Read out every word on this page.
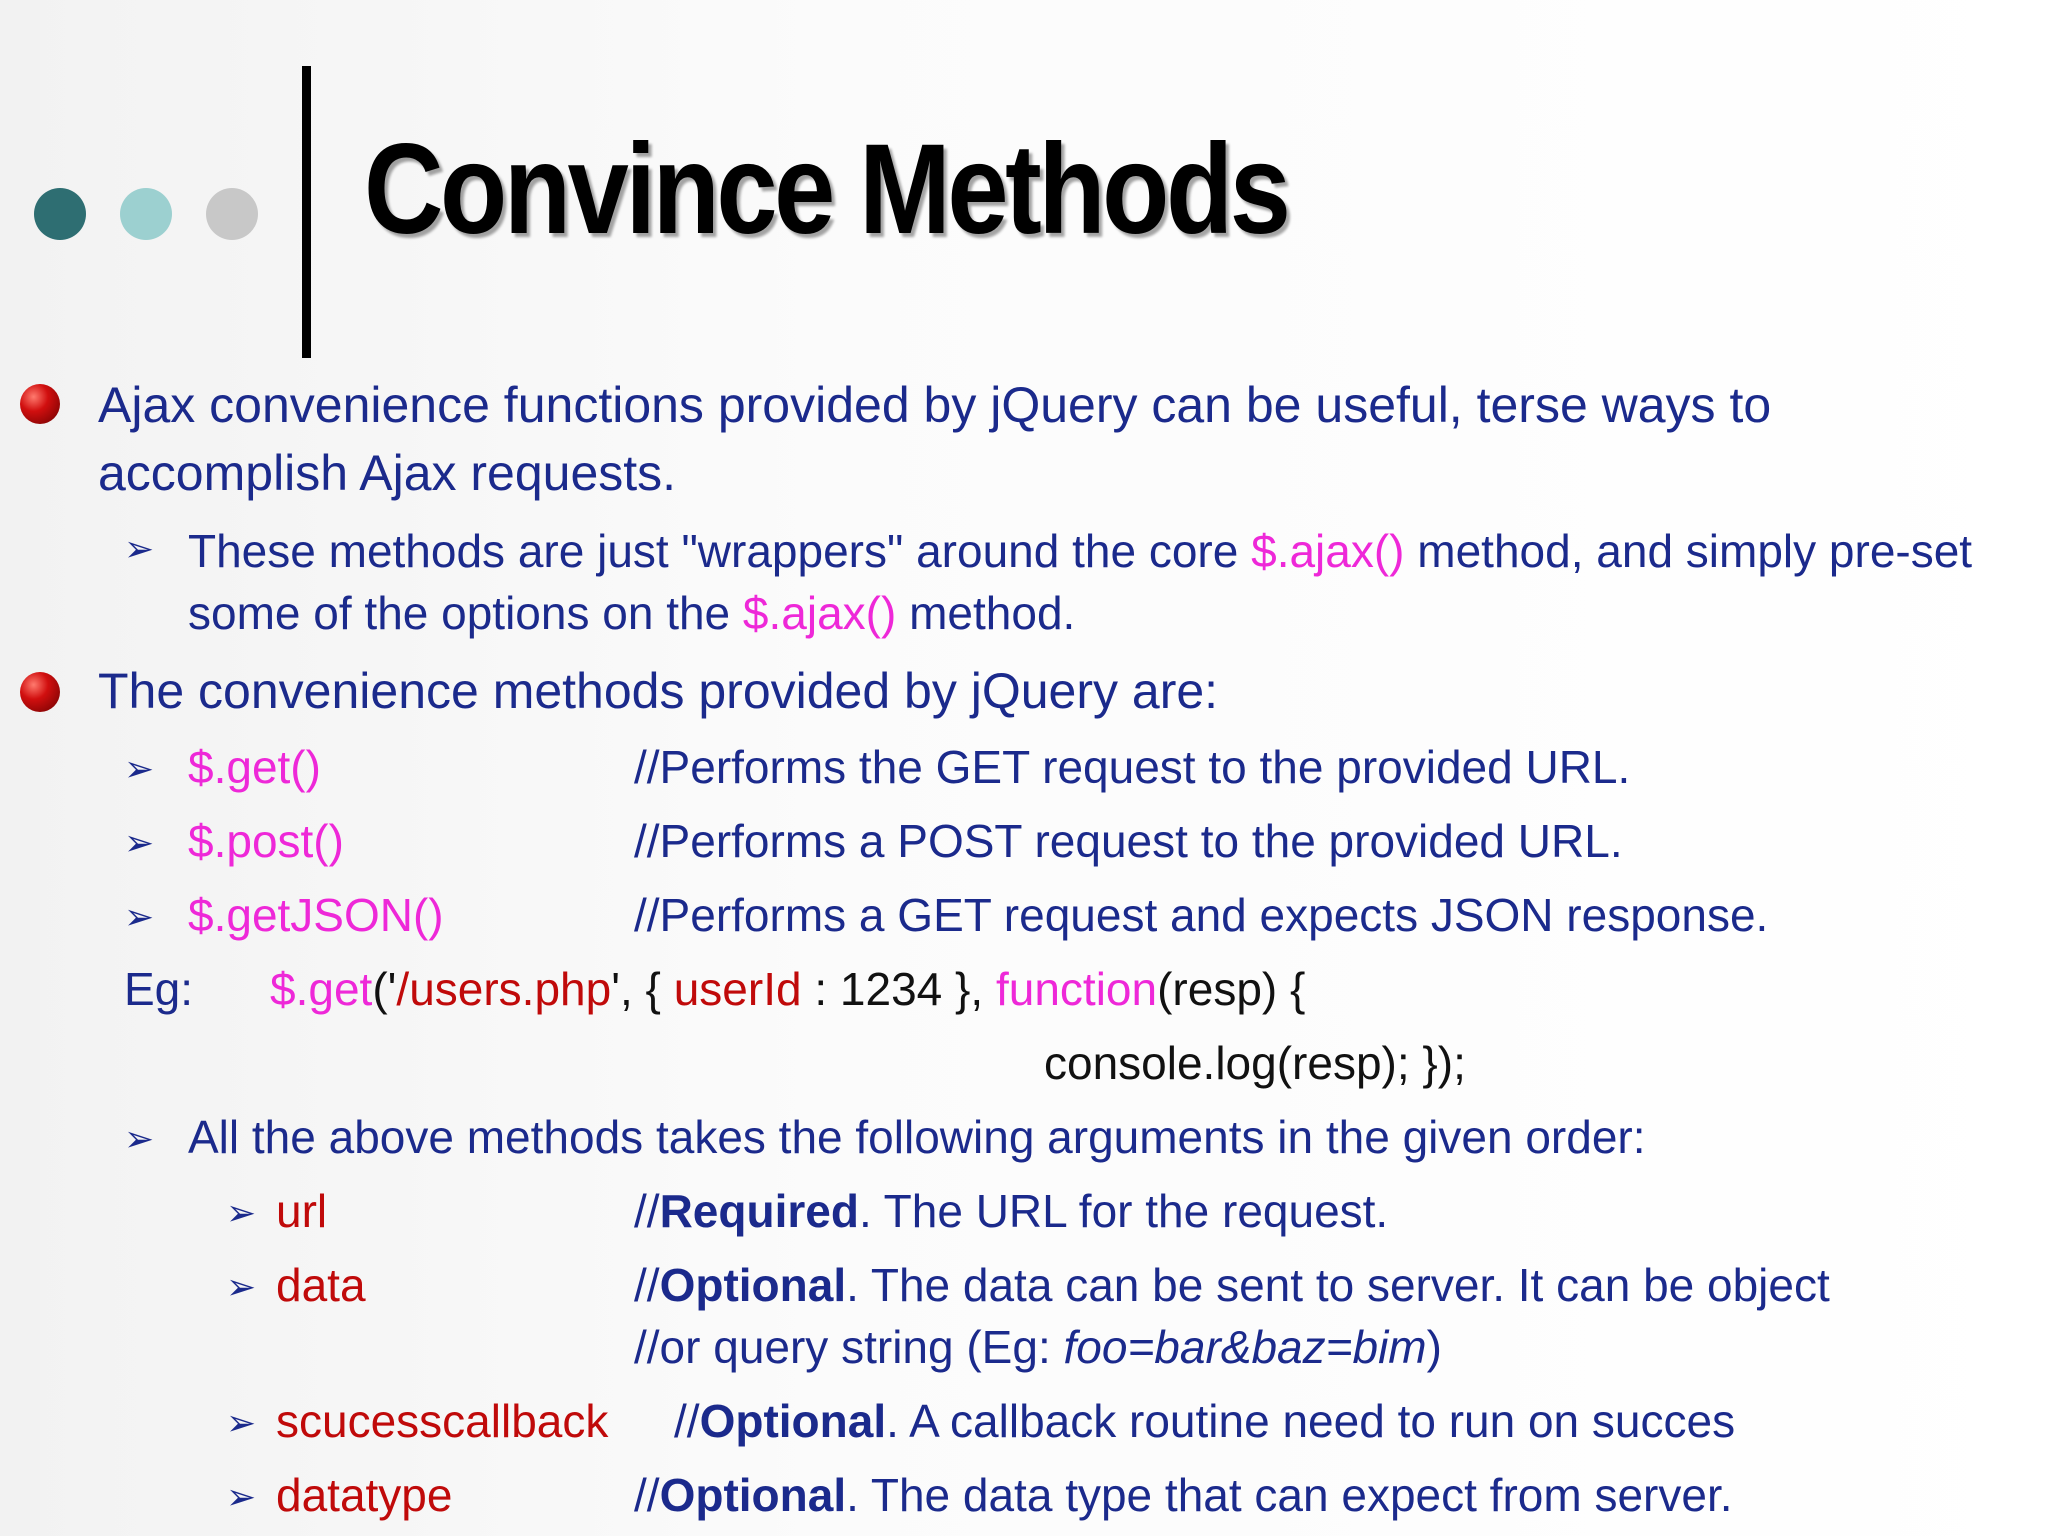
Convince Methods
Ajax convenience functions provided by jQuery can be useful, terse ways to accomplish Ajax requests.
➢ These methods are just "wrappers" around the core $.ajax() method, and simply pre-set some of the options on the $.ajax() method.
The convenience methods provided by jQuery are:
➢ $.get()	//Performs the GET request to the provided URL.
➢ $.post()	//Performs a POST request to the provided URL.
➢ $.getJSON()	//Performs a GET request and expects JSON response.
Eg: $.get('/users.php', { userId : 1234 }, function(resp) {
console.log(resp); });
➢ All the above methods takes the following arguments in the given order:
➢ url	//Required. The URL for the request.
➢ data	//Optional. The data can be sent to server. It can be object
//or query string (Eg: foo=bar&baz=bim)
➢ scucesscallback //Optional. A callback routine need to run on succes
➢ datatype	//Optional. The data type that can expect from server.
